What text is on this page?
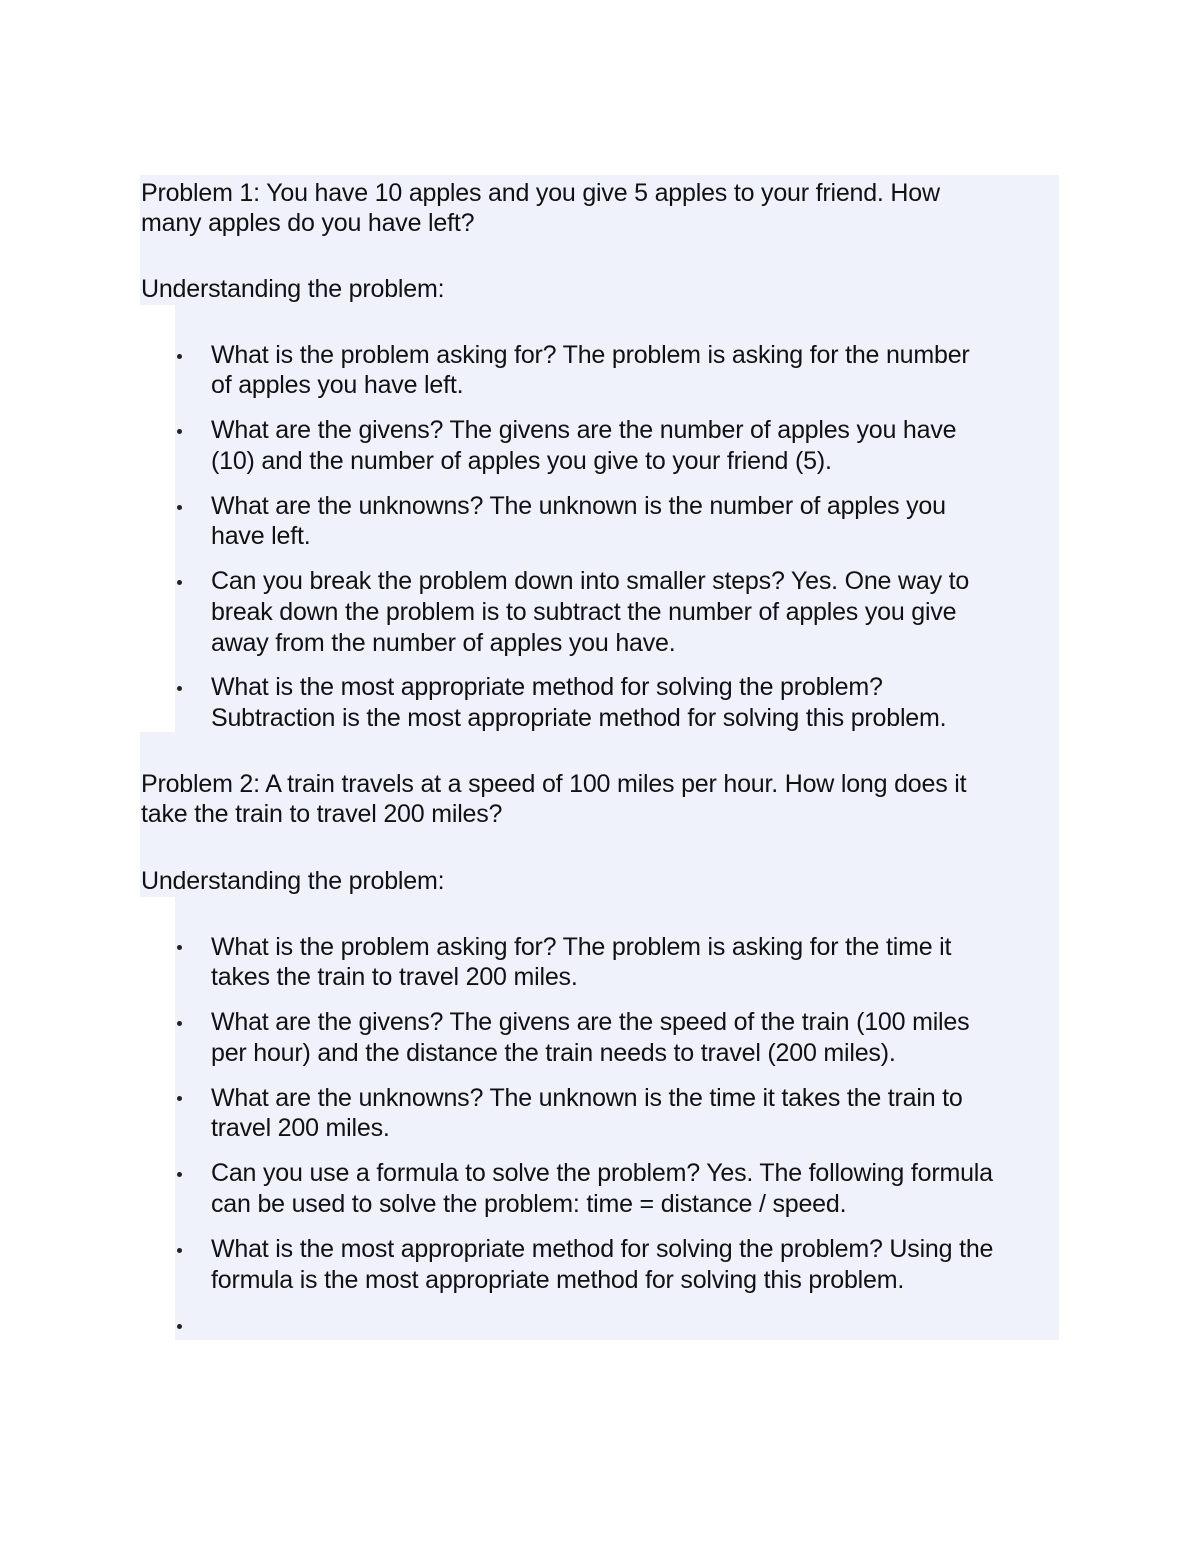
Problem 1: You have 10 apples and you give 5 apples to your friend. How
many apples do you have left?
Understanding the problem:
What is the problem asking for? The problem is asking for the number
of apples you have left.
What are the givens? The givens are the number of apples you have
(10) and the number of apples you give to your friend (5).
What are the unknowns? The unknown is the number of apples you
have left.
Can you break the problem down into smaller steps? Yes. One way to
break down the problem is to subtract the number of apples you give
away from the number of apples you have.
What is the most appropriate method for solving the problem?
Subtraction is the most appropriate method for solving this problem.
Problem 2: A train travels at a speed of 100 miles per hour. How long does it
take the train to travel 200 miles?
Understanding the problem:
What is the problem asking for? The problem is asking for the time it
takes the train to travel 200 miles.
What are the givens? The givens are the speed of the train (100 miles
per hour) and the distance the train needs to travel (200 miles).
What are the unknowns? The unknown is the time it takes the train to
travel 200 miles.
Can you use a formula to solve the problem? Yes. The following formula
can be used to solve the problem: time = distance / speed.
What is the most appropriate method for solving the problem? Using the
formula is the most appropriate method for solving this problem.
